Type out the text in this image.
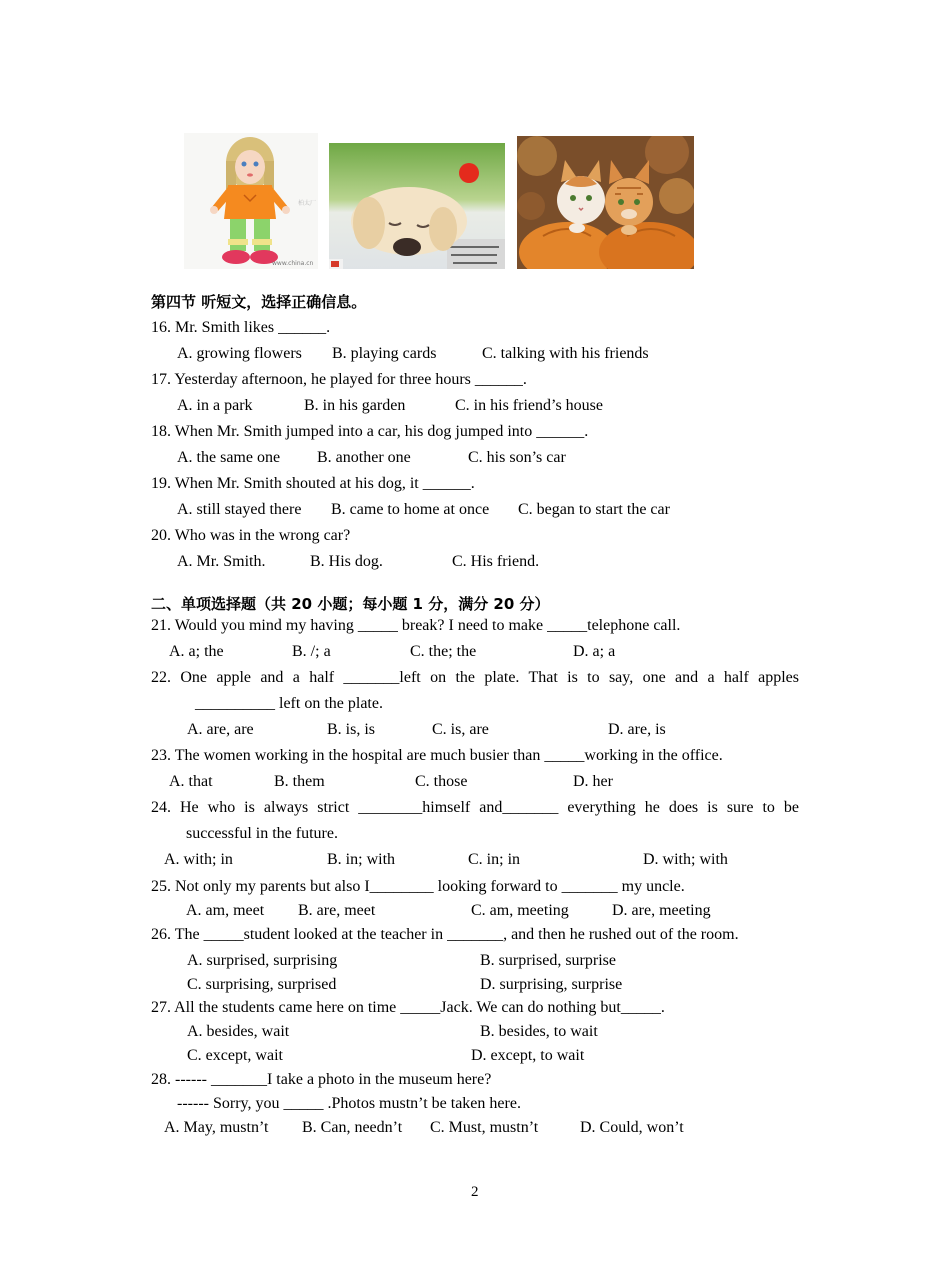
柏太厂
www.china.cn
第四节 听短文，选择正确信息。
16. Mr. Smith likes ______.
A. growing flowers B. playing cards	C. talking with his friends
17. Yesterday afternoon, he played for three hours ______.
A. in a park	B. in his garden	C. in his friend’s house
18. When Mr. Smith jumped into a car, his dog jumped into ______.
A. the same one B. another one	C. his son’s car
19. When Mr. Smith shouted at his dog, it ______.
A. still stayed there B. came to home at once C. began to start the car
20. Who was in the wrong car?
A. Mr. Smith.	B. His dog.	C. His friend.
二、单项选择题（共 20 小题；每小题 1 分，满分 20 分）
21. Would you mind my having _____ break? I need to make _____telephone call.
A. a; the	B. /; a	C. the; the	D. a; a
22. One apple and a half _______left on the plate. That is to say, one and a half apples
__________ left on the plate.
A. are, are	B. is, is	C. is, are	D. are, is
23. The women working in the hospital are much busier than _____working in the office.
A. that	B. them	C. those	D. her
24. He who is always strict ________himself and_______ everything he does is sure to be
successful in the future.
A. with; in	B. in; with	C. in; in	D. with; with
25. Not only my parents but also I________ looking forward to _______ my uncle.
A. am, meet B. are, meet	C. am, meeting	D. are, meeting
26. The _____student looked at the teacher in _______, and then he rushed out of the room.
A. surprised, surprising	B. surprised, surprise
C. surprising, surprised	D. surprising, surprise
27. All the students came here on time _____Jack. We can do nothing but_____.
A. besides, wait	B. besides, to wait
C. except, wait	D. except, to wait
28. ------ _______I take a photo in the museum here?
------ Sorry, you _____ .Photos mustn’t be taken here.
A. May, mustn’t B. Can, needn’t C. Must, mustn’t	D. Could, won’t
2
